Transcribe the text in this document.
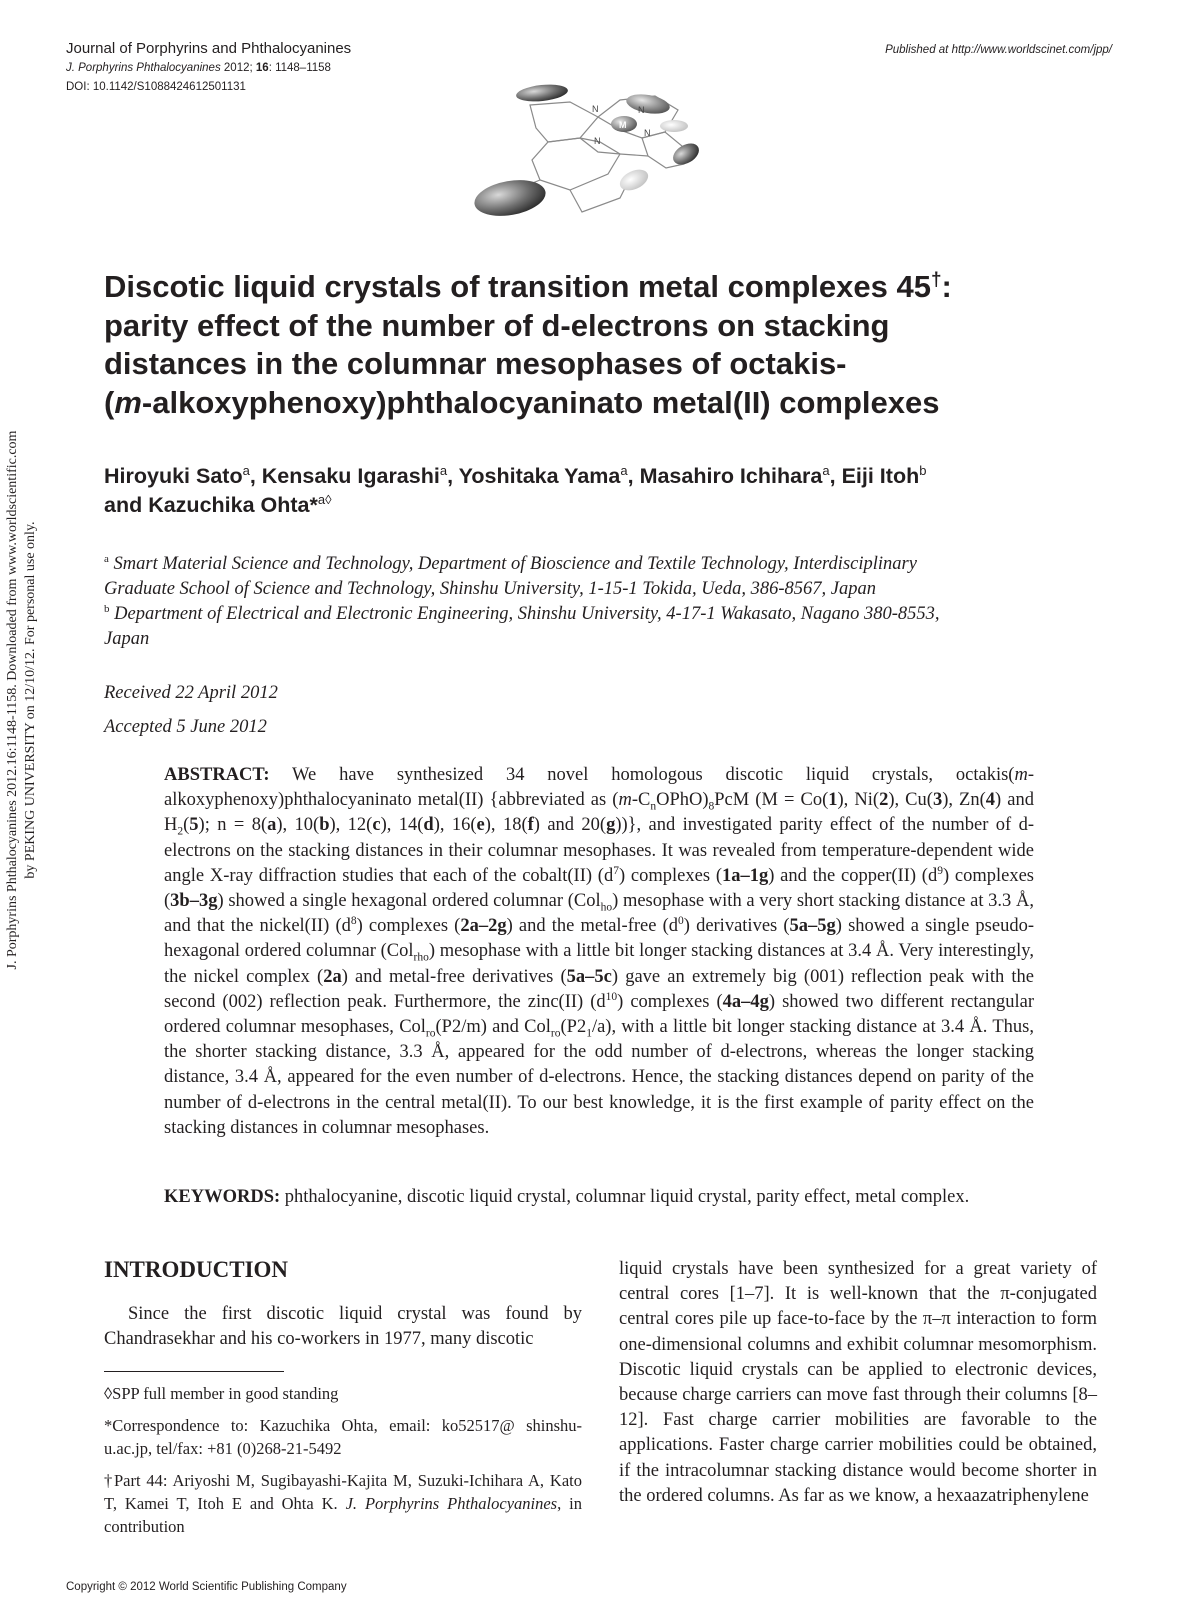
Journal of Porphyrins and Phthalocyanines
J. Porphyrins Phthalocyanines 2012; 16: 1148–1158
DOI: 10.1142/S1088424612501131
Published at http://www.worldscinet.com/jpp/
N	N
N
N
M
J. Porphyrins Phthalocyanines 2012.16:1148-1158. Downloaded from www.worldscientific.com by PEKING UNIVERSITY on 12/10/12. For personal use only.
Discotic liquid crystals of transition metal complexes 45†:
parity effect of the number of d-electrons on stacking
distances in the columnar mesophases of octakis-
(m-alkoxyphenoxy)phthalocyaninato metal(II) complexes

Hiroyuki Sato$^a$, Kensaku Igarashi$^a$, Yoshitaka Yama$^a$, Masahiro Ichihara$^a$, Eiji Itoh$^b$
and Kazuchika Ohta*$^{a◊}$

$^a$ Smart Material Science and Technology, Department of Bioscience and Textile Technology, Interdisciplinary
Graduate School of Science and Technology, Shinshu University, 1-15-1 Tokida, Ueda, 386-8567, Japan
$^b$ Department of Electrical and Electronic Engineering, Shinshu University, 4-17-1 Wakasato, Nagano 380-8553,
Japan
Received 22 April 2012
Accepted 5 June 2012
ABSTRACT: We have synthesized 34 novel homologous discotic liquid crystals, octakis(m-alkoxyphenoxy)phthalocyaninato metal(II) {abbreviated as $(m-C_nOPhO)_8PcM$ (M = Co(1), Ni(2), Cu(3), Zn(4) and $H_2(5)$; n = 8(a), 10(b), 12(c), 14(d), 16(e), 18(f) and 20(g))}, and investigated parity effect of the number of d-electrons on the stacking distances in their columnar mesophases. It was revealed from temperature-dependent wide angle X-ray diffraction studies that each of the cobalt(II) $(d^7)$ complexes (1a–1g) and the copper(II) $(d^9)$ complexes (3b–3g) showed a single hexagonal ordered columnar (Col$_{ho}$) mesophase with a very short stacking distance at 3.3 Å, and that the nickel(II) $(d^8)$ complexes (2a–2g) and the metal-free $(d^0)$ derivatives (5a–5g) showed a single pseudo-hexagonal ordered columnar (Col$_{rho}$) mesophase with a little bit longer stacking distances at 3.4 Å. Very interestingly, the nickel complex (2a) and metal-free derivatives (5a–5c) gave an extremely big (001) reflection peak with the second (002) reflection peak. Furthermore, the zinc(II) $(d^{10})$ complexes (4a–4g) showed two different rectangular ordered columnar mesophases, Col$_{ro}$(P2/m) and $Col_{ro}(P2_1/a)$, with a little bit longer stacking distance at 3.4 Å. Thus, the shorter stacking distance, 3.3 Å, appeared for the odd number of d-electrons, whereas the longer stacking distance, 3.4 Å, appeared for the even number of d-electrons. Hence, the stacking distances depend on parity of the number of d-electrons in the central metal(II). To our best knowledge, it is the first example of parity effect on the stacking distances in columnar mesophases.
KEYWORDS: phthalocyanine, discotic liquid crystal, columnar liquid crystal, parity effect, metal complex.
INTRODUCTION

Since the first discotic liquid crystal was found by Chandrasekhar and his co-workers in 1977, many discotic

liquid crystals have been synthesized for a great variety of central cores [1–7]. It is well-known that the π-conjugated central cores pile up face-to-face by the π–π interaction to form one-dimensional columns and exhibit columnar mesomorphism. Discotic liquid crystals can be applied to electronic devices, because charge carriers can move fast through their columns [8–12]. Fast charge carrier mobilities are favorable to the applications. Faster charge carrier mobilities could be obtained, if the intracolumnar stacking distance would become shorter in the ordered columns. As far as we know, a hexaazatriphenylene

◊SPP full member in good standing

*Correspondence to: Kazuchika Ohta, email: ko52517@ shinshu-u.ac.jp, tel/fax: +81 (0)268-21-5492

†Part 44: Ariyoshi M, Sugibayashi-Kajita M, Suzuki-Ichihara A, Kato T, Kamei T, Itoh E and Ohta K. J. Porphyrins Phthalocyanines, in contribution

Copyright © 2012 World Scientific Publishing Company
